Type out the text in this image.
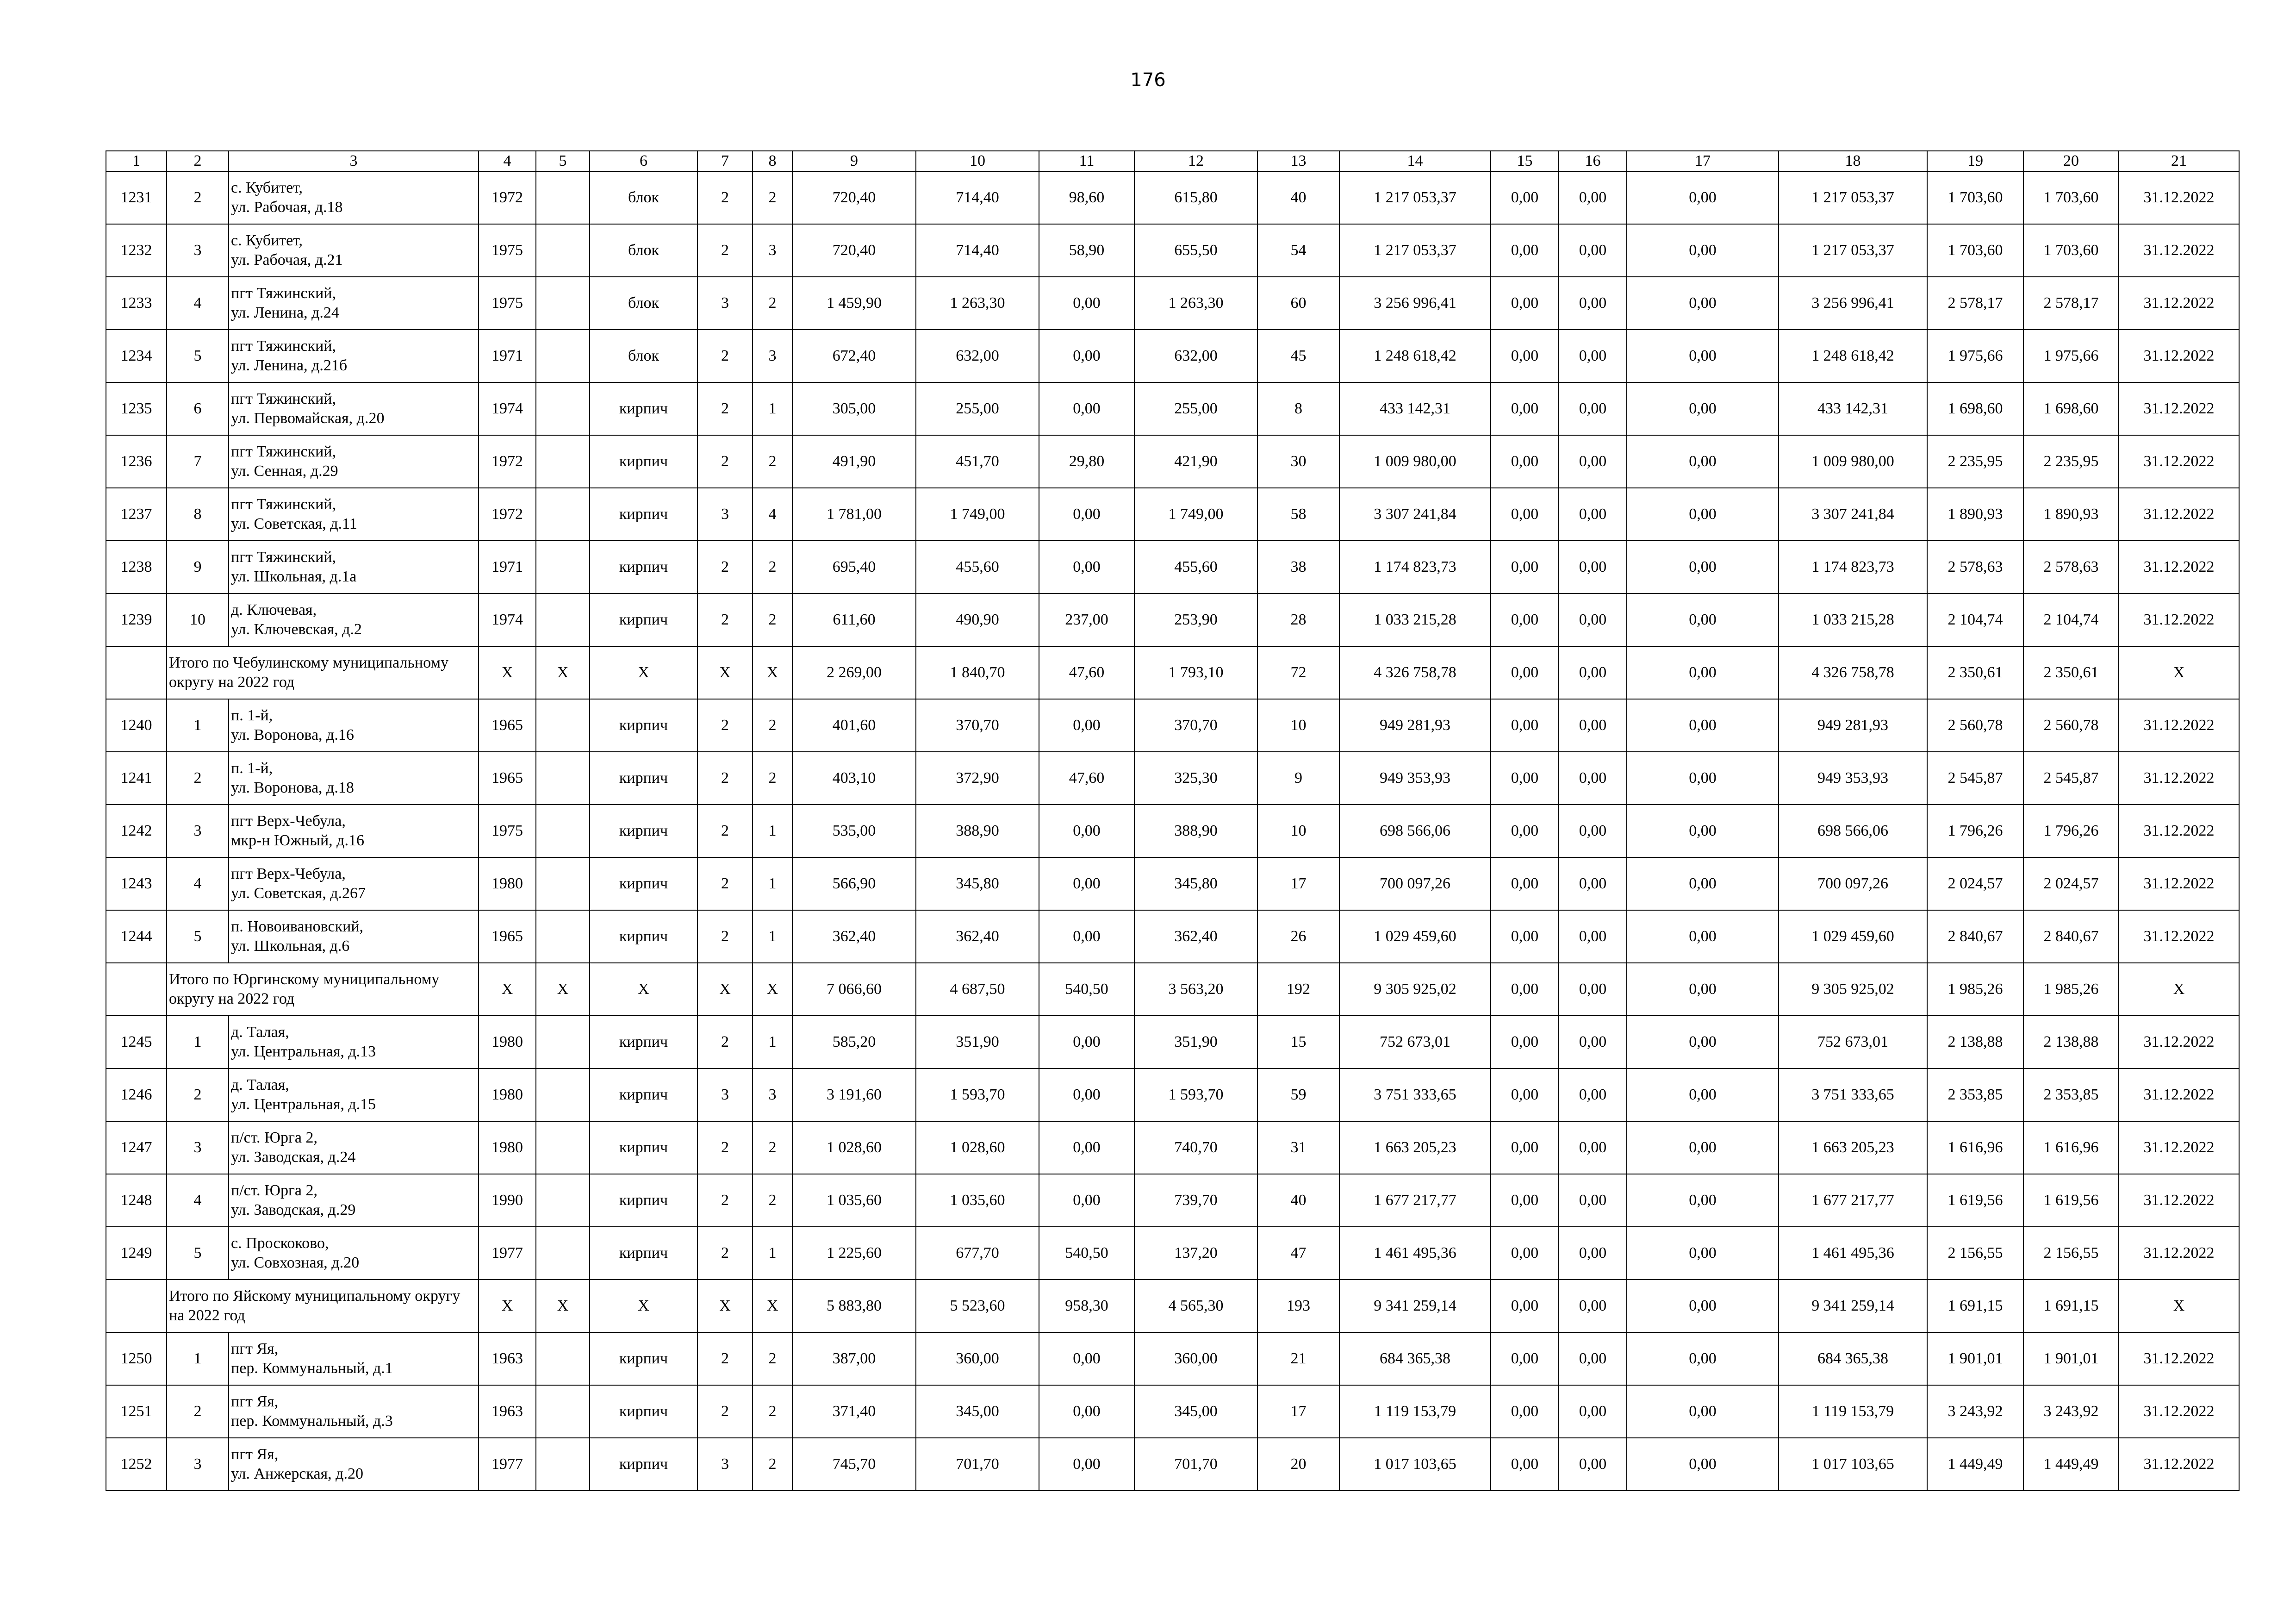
176
1	2	3	4	5	6	7	8	9	10	11	12	13	14	15	16	17	18	19	20	21
1231	2	с. Кубитет,
ул. Рабочая, д.18	1972		блок	2	2	720,40	714,40	98,60	615,80	40	1 217 053,37	0,00	0,00	0,00	1 217 053,37	1 703,60	1 703,60	31.12.2022
1232	3	с. Кубитет,
ул. Рабочая, д.21	1975		блок	2	3	720,40	714,40	58,90	655,50	54	1 217 053,37	0,00	0,00	0,00	1 217 053,37	1 703,60	1 703,60	31.12.2022
1233	4	пгт Тяжинский,
ул. Ленина, д.24	1975		блок	3	2	1 459,90	1 263,30	0,00	1 263,30	60	3 256 996,41	0,00	0,00	0,00	3 256 996,41	2 578,17	2 578,17	31.12.2022
1234	5	пгт Тяжинский,
ул. Ленина, д.21б	1971		блок	2	3	672,40	632,00	0,00	632,00	45	1 248 618,42	0,00	0,00	0,00	1 248 618,42	1 975,66	1 975,66	31.12.2022
1235	6	пгт Тяжинский,
ул. Первомайская, д.20	1974		кирпич	2	1	305,00	255,00	0,00	255,00	8	433 142,31	0,00	0,00	0,00	433 142,31	1 698,60	1 698,60	31.12.2022
1236	7	пгт Тяжинский,
ул. Сенная, д.29	1972		кирпич	2	2	491,90	451,70	29,80	421,90	30	1 009 980,00	0,00	0,00	0,00	1 009 980,00	2 235,95	2 235,95	31.12.2022
1237	8	пгт Тяжинский,
ул. Советская, д.11	1972		кирпич	3	4	1 781,00	1 749,00	0,00	1 749,00	58	3 307 241,84	0,00	0,00	0,00	3 307 241,84	1 890,93	1 890,93	31.12.2022
1238	9	пгт Тяжинский,
ул. Школьная, д.1а	1971		кирпич	2	2	695,40	455,60	0,00	455,60	38	1 174 823,73	0,00	0,00	0,00	1 174 823,73	2 578,63	2 578,63	31.12.2022
1239	10	д. Ключевая,
ул. Ключевская, д.2	1974		кирпич	2	2	611,60	490,90	237,00	253,90	28	1 033 215,28	0,00	0,00	0,00	1 033 215,28	2 104,74	2 104,74	31.12.2022
	Итого по Чебулинскому муниципальному округу на 2022 год		X	X	X	X	X	2 269,00	1 840,70	47,60	1 793,10	72	4 326 758,78	0,00	0,00	0,00	4 326 758,78	2 350,61	2 350,61	X
1240	1	п. 1-й,
ул. Воронова, д.16	1965		кирпич	2	2	401,60	370,70	0,00	370,70	10	949 281,93	0,00	0,00	0,00	949 281,93	2 560,78	2 560,78	31.12.2022
1241	2	п. 1-й,
ул. Воронова, д.18	1965		кирпич	2	2	403,10	372,90	47,60	325,30	9	949 353,93	0,00	0,00	0,00	949 353,93	2 545,87	2 545,87	31.12.2022
1242	3	пгт Верх-Чебула,
мкр-н Южный, д.16	1975		кирпич	2	1	535,00	388,90	0,00	388,90	10	698 566,06	0,00	0,00	0,00	698 566,06	1 796,26	1 796,26	31.12.2022
1243	4	пгт Верх-Чебула,
ул. Советская, д.267	1980		кирпич	2	1	566,90	345,80	0,00	345,80	17	700 097,26	0,00	0,00	0,00	700 097,26	2 024,57	2 024,57	31.12.2022
1244	5	п. Новоивановский,
ул. Школьная, д.6	1965		кирпич	2	1	362,40	362,40	0,00	362,40	26	1 029 459,60	0,00	0,00	0,00	1 029 459,60	2 840,67	2 840,67	31.12.2022
	Итого по Юргинскому муниципальному округу на 2022 год		X	X	X	X	X	7 066,60	4 687,50	540,50	3 563,20	192	9 305 925,02	0,00	0,00	0,00	9 305 925,02	1 985,26	1 985,26	X
1245	1	д. Талая,
ул. Центральная, д.13	1980		кирпич	2	1	585,20	351,90	0,00	351,90	15	752 673,01	0,00	0,00	0,00	752 673,01	2 138,88	2 138,88	31.12.2022
1246	2	д. Талая,
ул. Центральная, д.15	1980		кирпич	3	3	3 191,60	1 593,70	0,00	1 593,70	59	3 751 333,65	0,00	0,00	0,00	3 751 333,65	2 353,85	2 353,85	31.12.2022
1247	3	п/ст. Юрга 2,
ул. Заводская, д.24	1980		кирпич	2	2	1 028,60	1 028,60	0,00	740,70	31	1 663 205,23	0,00	0,00	0,00	1 663 205,23	1 616,96	1 616,96	31.12.2022
1248	4	п/ст. Юрга 2,
ул. Заводская, д.29	1990		кирпич	2	2	1 035,60	1 035,60	0,00	739,70	40	1 677 217,77	0,00	0,00	0,00	1 677 217,77	1 619,56	1 619,56	31.12.2022
1249	5	с. Проскоково,
ул. Совхозная, д.20	1977		кирпич	2	1	1 225,60	677,70	540,50	137,20	47	1 461 495,36	0,00	0,00	0,00	1 461 495,36	2 156,55	2 156,55	31.12.2022
	Итого по Яйскому муниципальному округу на 2022 год		X	X	X	X	X	5 883,80	5 523,60	958,30	4 565,30	193	9 341 259,14	0,00	0,00	0,00	9 341 259,14	1 691,15	1 691,15	X
1250	1	пгт Яя,
пер. Коммунальный, д.1	1963		кирпич	2	2	387,00	360,00	0,00	360,00	21	684 365,38	0,00	0,00	0,00	684 365,38	1 901,01	1 901,01	31.12.2022
1251	2	пгт Яя,
пер. Коммунальный, д.3	1963		кирпич	2	2	371,40	345,00	0,00	345,00	17	1 119 153,79	0,00	0,00	0,00	1 119 153,79	3 243,92	3 243,92	31.12.2022
1252	3	пгт Яя,
ул. Анжерская, д.20	1977		кирпич	3	2	745,70	701,70	0,00	701,70	20	1 017 103,65	0,00	0,00	0,00	1 017 103,65	1 449,49	1 449,49	31.12.2022
